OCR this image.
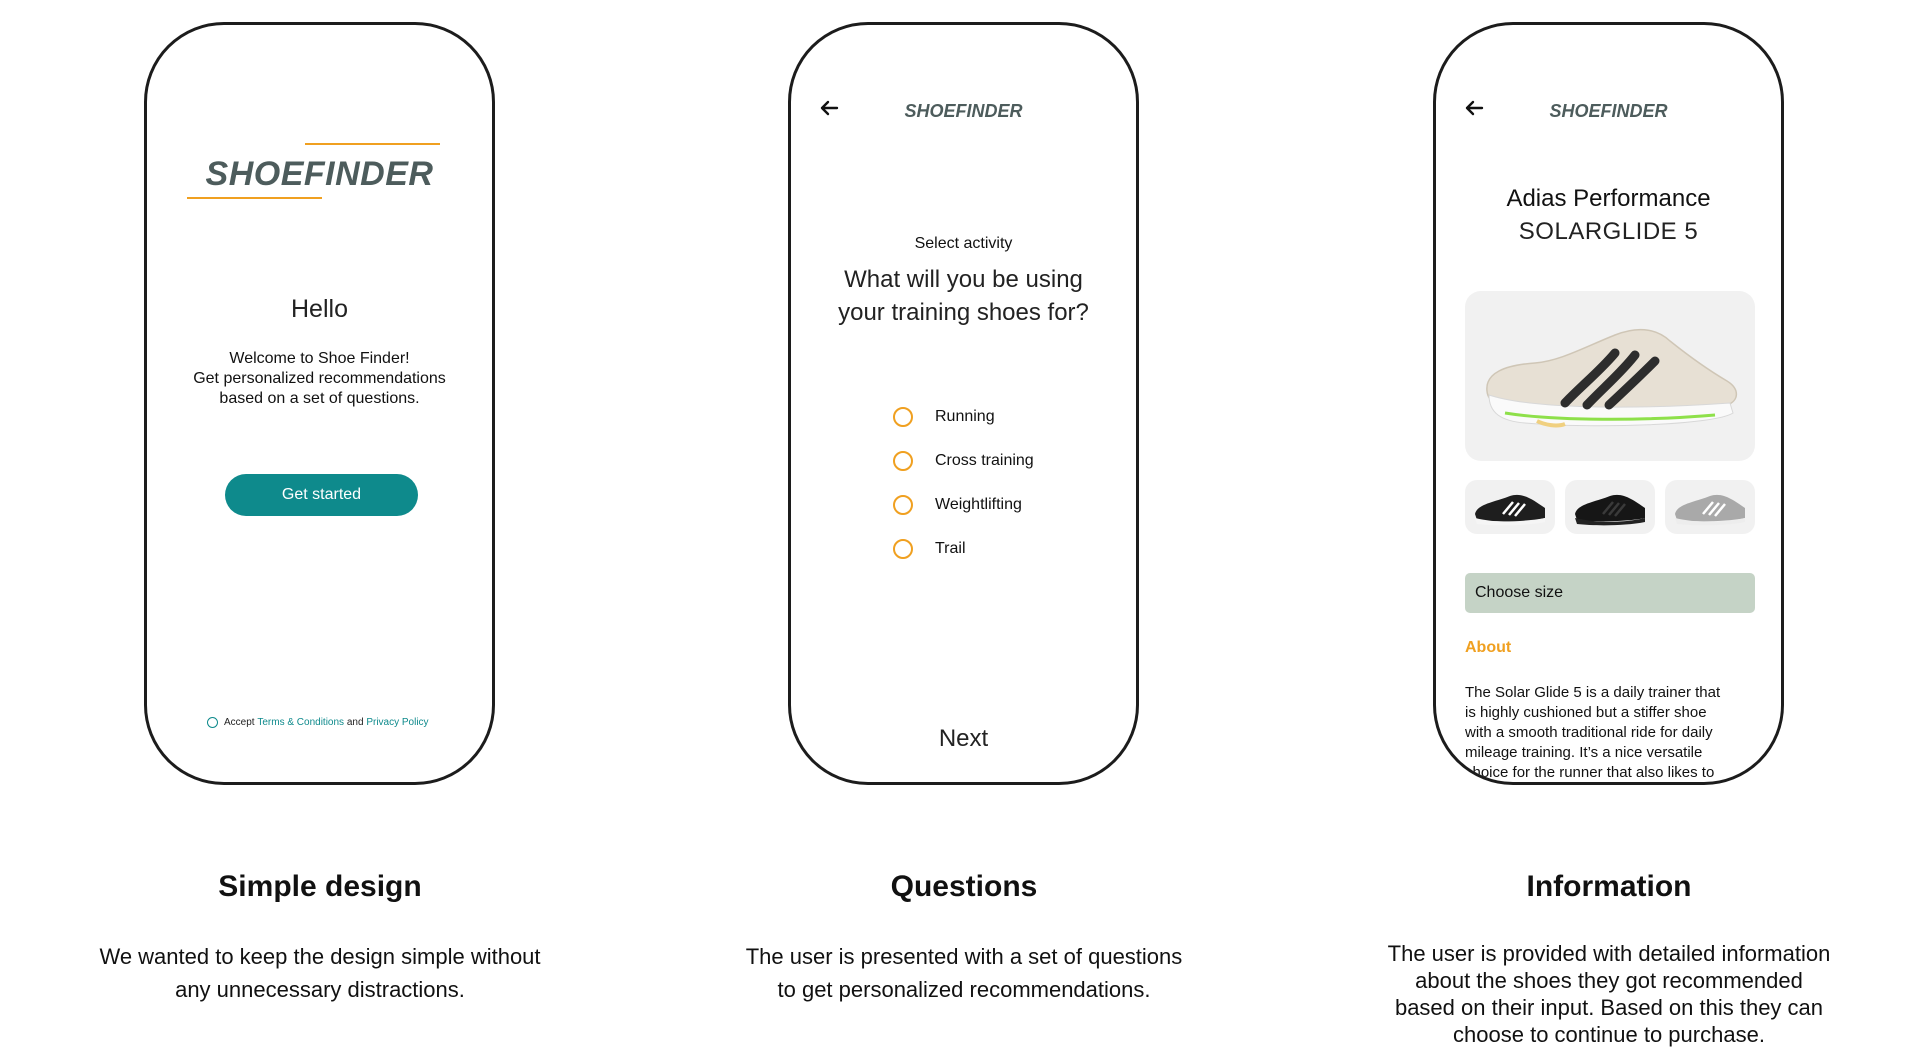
SHOEFINDER
Hello
Welcome to Shoe Finder!
Get personalized recommendations
based on a set of questions.
Get started
Accept
Terms & Conditions
and
Privacy Policy
SHOEFINDER
Select activity
What will you be using
your training shoes for?
Running
Cross training
Weightlifting
Trail
Next
SHOEFINDER
Adias Performance
SOLARGLIDE 5
Choose size
About
The Solar Glide 5 is a daily trainer that
is highly cushioned but a stiffer shoe
with a smooth traditional ride for daily
mileage training. It’s a nice versatile
choice for the runner that also likes to
Simple design
We wanted to keep the design simple without
any unnecessary distractions.
Questions
The user is presented with a set of questions
to get personalized recommendations.
Information
The user is provided with detailed information
about the shoes they got recommended
based on their input. Based on this they can
choose to continue to purchase.
